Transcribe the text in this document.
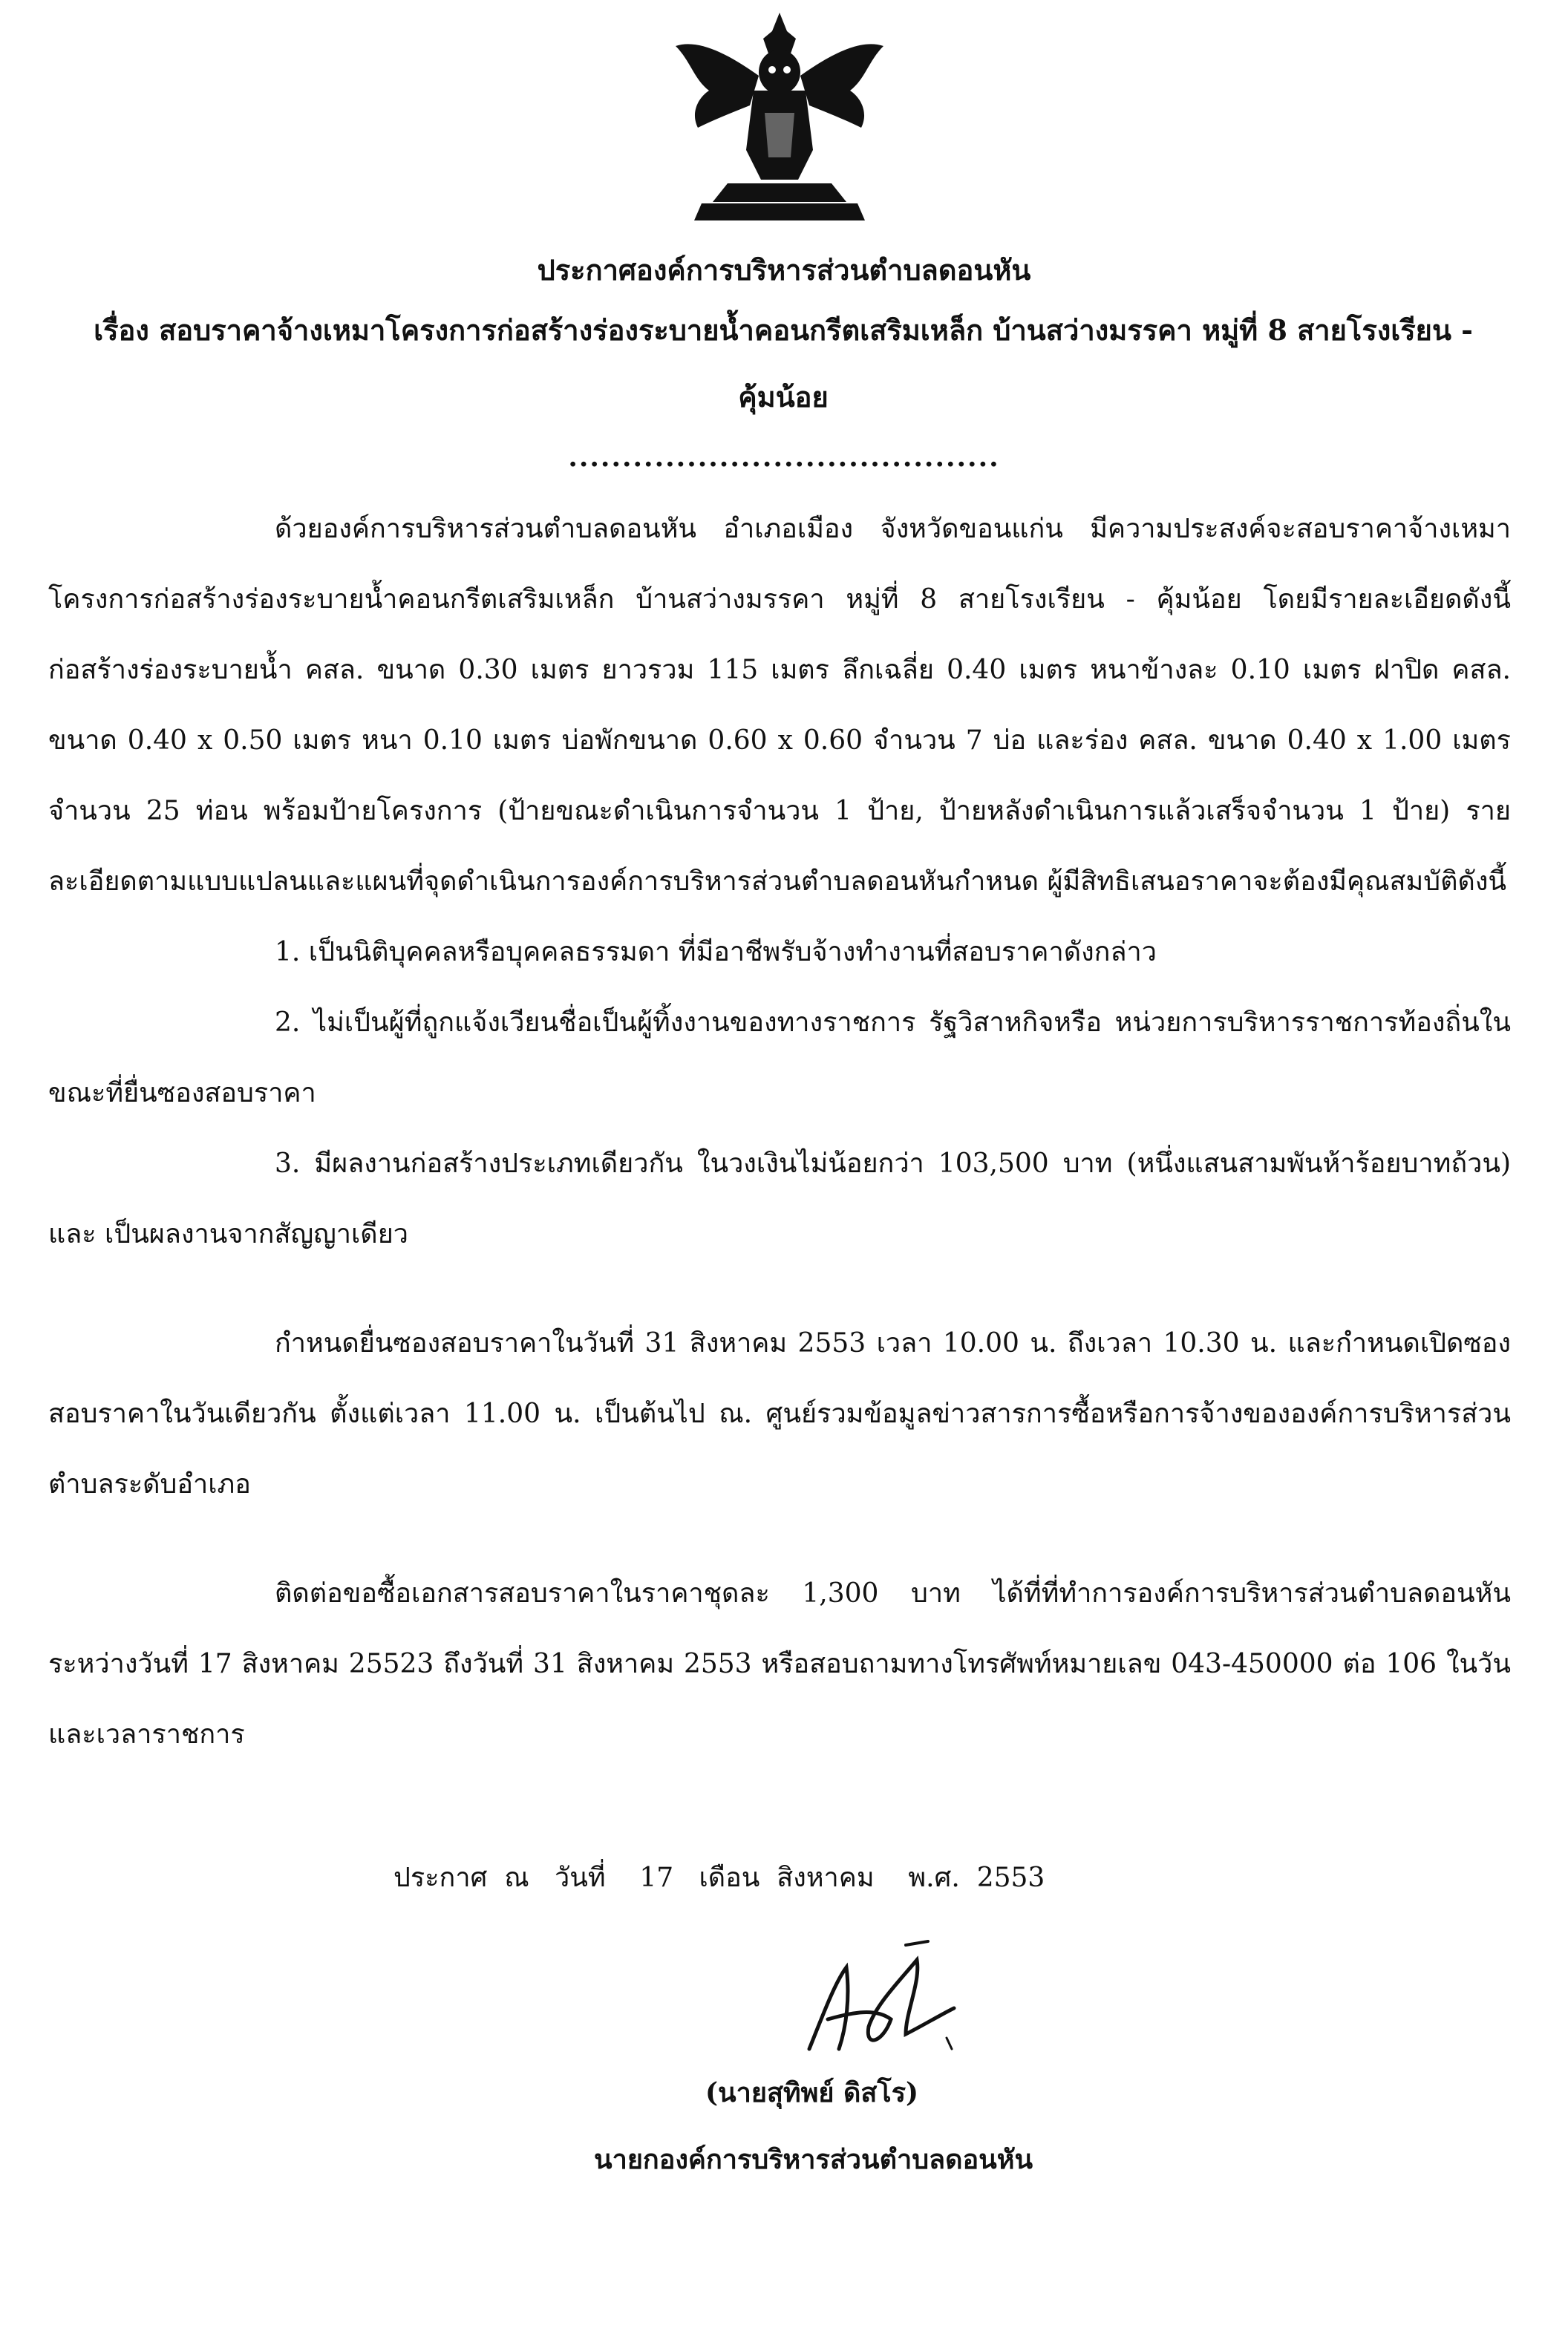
ประกาศองค์การบริหารส่วนตำบลดอนหัน
เรื่อง สอบราคาจ้างเหมาโครงการก่อสร้างร่องระบายน้ำคอนกรีตเสริมเหล็ก บ้านสว่างมรรคา หมู่ที่ 8 สายโรงเรียน -
คุ้มน้อย
........................................

ด้วยองค์การบริหารส่วนตำบลดอนหัน อำเภอเมือง จังหวัดขอนแก่น มีความประสงค์จะสอบราคาจ้างเหมาโครงการก่อสร้างร่องระบายน้ำคอนกรีตเสริมเหล็ก บ้านสว่างมรรคา หมู่ที่ 8 สายโรงเรียน - คุ้มน้อย โดยมีรายละเอียดดังนี้ ก่อสร้างร่องระบายน้ำ คสล. ขนาด 0.30 เมตร ยาวรวม 115 เมตร ลึกเฉลี่ย 0.40 เมตร หนาข้างละ 0.10 เมตร ฝาปิด คสล. ขนาด 0.40 x 0.50 เมตร หนา 0.10 เมตร บ่อพักขนาด 0.60 x 0.60 จำนวน 7 บ่อ และร่อง คสล. ขนาด 0.40 x 1.00 เมตร จำนวน 25 ท่อน พร้อมป้ายโครงการ (ป้ายขณะดำเนินการจำนวน 1 ป้าย, ป้ายหลังดำเนินการแล้วเสร็จจำนวน 1 ป้าย) รายละเอียดตามแบบแปลนและแผนที่จุดดำเนินการองค์การบริหารส่วนตำบลดอนหันกำหนด ผู้มีสิทธิเสนอราคาจะต้องมีคุณสมบัติดังนี้

1. เป็นนิติบุคคลหรือบุคคลธรรมดา ที่มีอาชีพรับจ้างทำงานที่สอบราคาดังกล่าว

2. ไม่เป็นผู้ที่ถูกแจ้งเวียนชื่อเป็นผู้ทิ้งงานของทางราชการ รัฐวิสาหกิจหรือ หน่วยการบริหารราชการท้องถิ่นในขณะที่ยื่นซองสอบราคา

3. มีผลงานก่อสร้างประเภทเดียวกัน ในวงเงินไม่น้อยกว่า 103,500 บาท (หนึ่งแสนสามพันห้าร้อยบาทถ้วน) และ เป็นผลงานจากสัญญาเดียว

กำหนดยื่นซองสอบราคาในวันที่ 31 สิงหาคม 2553 เวลา 10.00 น. ถึงเวลา 10.30 น. และกำหนดเปิดซองสอบราคาในวันเดียวกัน ตั้งแต่เวลา 11.00 น. เป็นต้นไป ณ. ศูนย์รวมข้อมูลข่าวสารการซื้อหรือการจ้างขององค์การบริหารส่วนตำบลระดับอำเภอ

ติดต่อขอซื้อเอกสารสอบราคาในราคาชุดละ 1,300 บาท ได้ที่ที่ทำการองค์การบริหารส่วนตำบลดอนหัน ระหว่างวันที่ 17 สิงหาคม 25523 ถึงวันที่ 31 สิงหาคม 2553 หรือสอบถามทางโทรศัพท์หมายเลข 043-450000 ต่อ 106 ในวันและเวลาราชการ

ประกาศ  ณ   วันที่    17   เดือน  สิงหาคม    พ.ศ.  2553
(นายสุทิพย์ ดิสโร)
นายกองค์การบริหารส่วนตำบลดอนหัน
